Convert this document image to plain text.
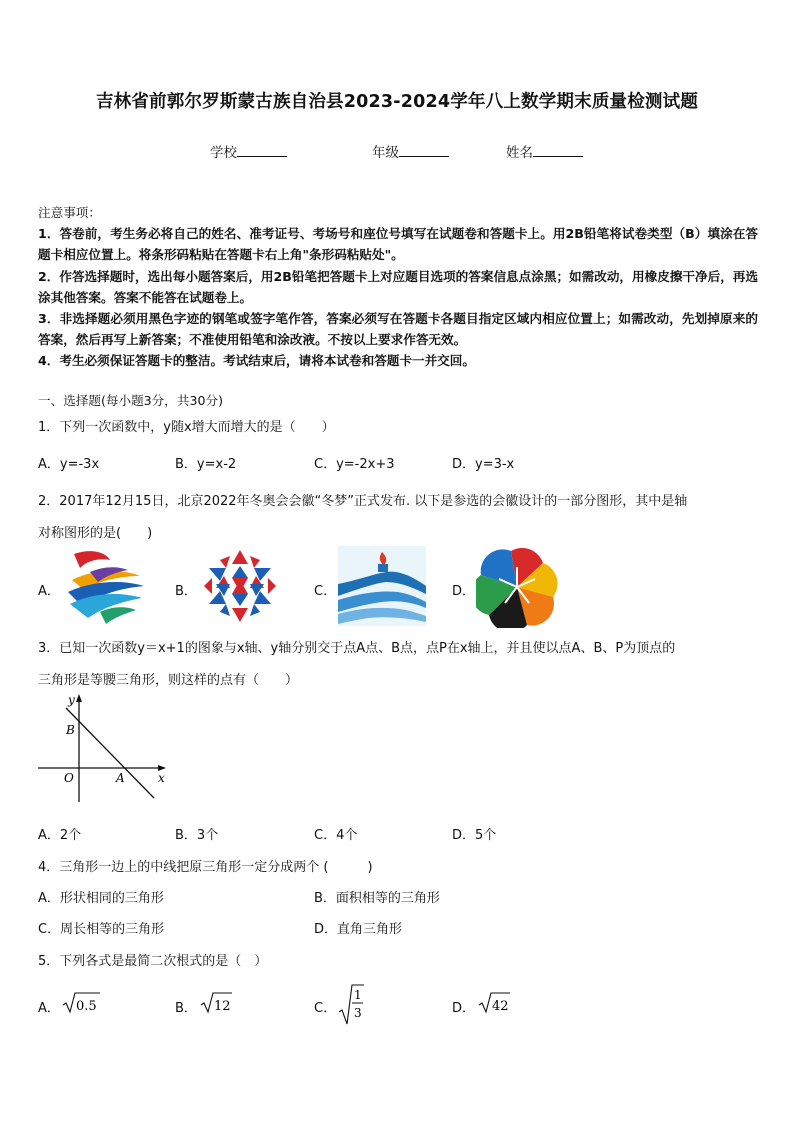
吉林省前郭尔罗斯蒙古族自治县2023-2024学年八上数学期末质量检测试题
学校	年级	姓名

注意事项：

1．答卷前，考生务必将自己的姓名、准考证号、考场号和座位号填写在试题卷和答题卡上。用2B铅笔将试卷类型（B）填涂在答题卡相应位置上。将条形码粘贴在答题卡右上角"条形码粘贴处"。

2．作答选择题时，选出每小题答案后，用2B铅笔把答题卡上对应题目选项的答案信息点涂黑；如需改动，用橡皮擦干净后，再选涂其他答案。答案不能答在试题卷上。

3．非选择题必须用黑色字迹的钢笔或签字笔作答，答案必须写在答题卡各题目指定区域内相应位置上；如需改动，先划掉原来的答案，然后再写上新答案；不准使用铅笔和涂改液。不按以上要求作答无效。

4．考生必须保证答题卡的整洁。考试结束后，请将本试卷和答题卡一并交回。

一、选择题(每小题3分，共30分)
1．下列一次函数中，y随x增大而增大的是（　　）
A．y=-3x	B．y=x-2	C．y=-2x+3	D．y=3-x
2．2017年12月15日，北京2022年冬奥会会徽“冬梦”正式发布. 以下是参选的会徽设计的一部分图形，其中是轴
对称图形的是(　　)
A．	B．	C．	D．
3．已知一次函数y＝x+1的图象与x轴、y轴分别交于点A点、B点，点P在x轴上，并且使以点A、B、P为顶点的
三角形是等腰三角形，则这样的点有（　　）
y
x
B
O	A
A．2个	B．3个	C．4个	D．5个
4．三角形一边上的中线把原三角形一定分成两个 (　　　)
A．形状相同的三角形	B．面积相等的三角形
C．周长相等的三角形	D．直角三角形
5．下列各式是最简二次根式的是（　）
A． 0.5	B． 12	C．
1
3	D． 42
